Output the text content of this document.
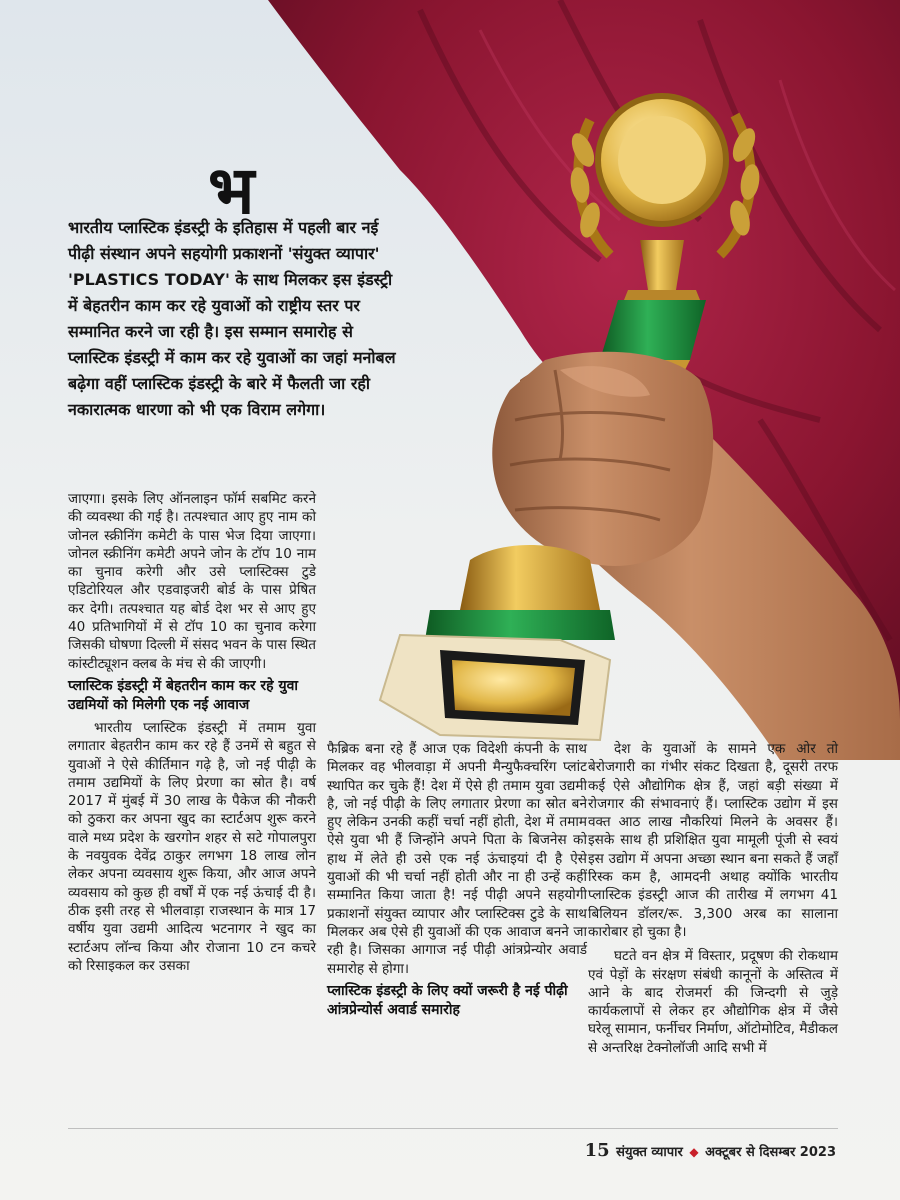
भ

भारतीय प्लास्टिक इंडस्ट्री के इतिहास में पहली बार नई पीढ़ी संस्थान अपने सहयोगी प्रकाशनों 'संयुक्त व्यापार' 'PLASTICS TODAY' के साथ मिलकर इस इंडस्ट्री में बेहतरीन काम कर रहे युवाओं को राष्ट्रीय स्तर पर सम्मानित करने जा रही है। इस सम्मान समारोह से प्लास्टिक इंडस्ट्री में काम कर रहे युवाओं का जहां मनोबल बढ़ेगा वहीं प्लास्टिक इंडस्ट्री के बारे में फैलती जा रही नकारात्मक धारणा को भी एक विराम लगेगा।

जाएगा। इसके लिए ऑनलाइन फॉर्म सबमिट करने की व्यवस्था की गई है। तत्पश्चात आए हुए नाम को जोनल स्क्रीनिंग कमेटी के पास भेज दिया जाएगा। जोनल स्क्रीनिंग कमेटी अपने जोन के टॉप 10 नाम का चुनाव करेगी और उसे प्लास्टिक्स टुडे एडिटोरियल और एडवाइजरी बोर्ड के पास प्रेषित कर देगी। तत्पश्चात यह बोर्ड देश भर से आए हुए 40 प्रतिभागियों में से टॉप 10 का चुनाव करेगा जिसकी घोषणा दिल्ली में संसद भवन के पास स्थित कांस्टीट्यूशन क्लब के मंच से की जाएगी।

प्लास्टिक इंडस्ट्री में बेहतरीन काम कर रहे युवा उद्यमियों को मिलेगी एक नई आवाज

भारतीय प्लास्टिक इंडस्ट्री में तमाम युवा लगातार बेहतरीन काम कर रहे हैं उनमें से बहुत से युवाओं ने ऐसे कीर्तिमान गढ़े है, जो नई पीढ़ी के तमाम उद्यमियों के लिए प्रेरणा का स्रोत है। वर्ष 2017 में मुंबई में 30 लाख के पैकेज की नौकरी को ठुकरा कर अपना खुद का स्टार्टअप शुरू करने वाले मध्य प्रदेश के खरगोन शहर से सटे गोपालपुरा के नवयुवक देवेंद्र ठाकुर लगभग 18 लाख लोन लेकर अपना व्यवसाय शुरू किया, और आज अपने व्यवसाय को कुछ ही वर्षों में एक नई ऊंचाई दी है। ठीक इसी तरह से भीलवाड़ा राजस्थान के मात्र 17 वर्षीय युवा उद्यमी आदित्य भटनागर ने खुद का स्टार्टअप लॉन्च किया और रोजाना 10 टन कचरे को रिसाइकल कर उसका

फैब्रिक बना रहे हैं आज एक विदेशी कंपनी के साथ मिलकर वह भीलवाड़ा में अपनी मैन्युफैक्चरिंग प्लांट स्थापित कर चुके हैं! देश में ऐसे ही तमाम युवा उद्यमी है, जो नई पीढ़ी के लिए लगातार प्रेरणा का स्रोत बने हुए लेकिन उनकी कहीं चर्चा नहीं होती, देश में तमाम ऐसे युवा भी हैं जिन्होंने अपने पिता के बिजनेस को हाथ में लेते ही उसे एक नई ऊंचाइयां दी है ऐसे युवाओं की भी चर्चा नहीं होती और ना ही उन्हें कहीं सम्मानित किया जाता है! नई पीढ़ी अपने सहयोगी प्रकाशनों संयुक्त व्यापार और प्लास्टिक्स टुडे के साथ मिलकर अब ऐसे ही युवाओं की एक आवाज बनने जा रही है। जिसका आगाज नई पीढ़ी आंत्रप्रेन्योर अवार्ड समारोह से होगा।

प्लास्टिक इंडस्ट्री के लिए क्यों जरूरी है नई पीढ़ी आंत्रप्रेन्योर्स अवार्ड समारोह

देश के युवाओं के सामने एक ओर तो बेरोजगारी का गंभीर संकट दिखता है, दूसरी तरफ कई ऐसे औद्योगिक क्षेत्र हैं, जहां बड़ी संख्या में रोजगार की संभावनाएं हैं। प्लास्टिक उद्योग में इस वक्त आठ लाख नौकरियां मिलने के अवसर हैं। इसके साथ ही प्रशिक्षित युवा मामूली पूंजी से स्वयं इस उद्योग में अपना अच्छा स्थान बना सकते हैं जहाँ रिस्क कम है, आमदनी अथाह क्योंकि भारतीय प्लास्टिक इंडस्ट्री आज की तारीख में लगभग 41 बिलियन डॉलर/रू. 3,300 अरब का सालाना कारोबार हो चुका है।

घटते वन क्षेत्र में विस्तार, प्रदूषण की रोकथाम एवं पेड़ों के संरक्षण संबंधी कानूनों के अस्तित्व में आने के बाद रोजमर्रा की जिन्दगी से जुड़े कार्यकलापों से लेकर हर औद्योगिक क्षेत्र में जैसे घरेलू सामान, फर्नीचर निर्माण, ऑटोमोटिव, मैडीकल से अन्तरिक्ष टेक्नोलॉजी आदि सभी में

15 संयुक्त व्यापार ◆ अक्टूबर से दिसम्बर 2023
